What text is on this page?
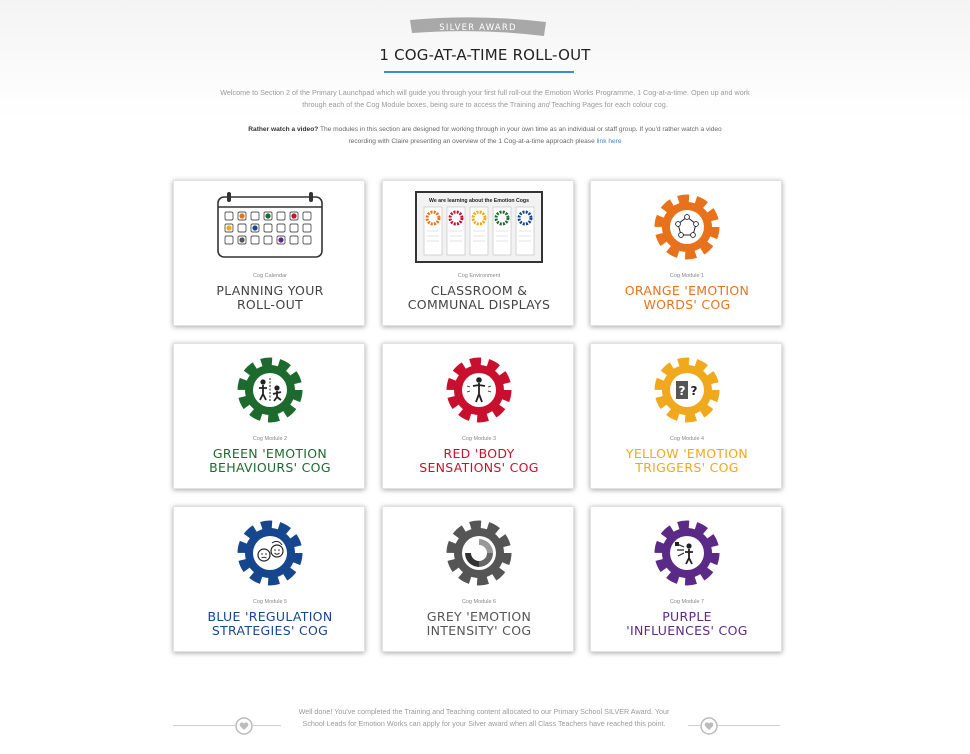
SILVER AWARD
1 COG-AT-A-TIME ROLL-OUT
Welcome to Section 2 of the Primary Launchpad which will guide you through your first full roll-out the Emotion Works Programme, 1 Cog-at-a-time. Open up and work through each of the Cog Module boxes, being sure to access the Training and Teaching Pages for each colour cog.
Rather watch a video? The modules in this section are designed for working through in your own time as an individual or staff group. If you'd rather watch a video recording with Claire presenting an overview of the 1 Cog-at-a-time approach please link here
Cog Calendar
PLANNING YOUR
ROLL-OUT
We are learning about the Emotion Cogs
Cog Environment
CLASSROOM &
COMMUNAL DISPLAYS
Cog Module 1
ORANGE 'EMOTION
WORDS' COG
Cog Module 2
GREEN 'EMOTION
BEHAVIOURS' COG
Cog Module 3
RED 'BODY
SENSATIONS' COG
? ?
Cog Module 4
YELLOW 'EMOTION
TRIGGERS' COG
Cog Module 5
BLUE 'REGULATION
STRATEGIES' COG
Cog Module 6
GREY 'EMOTION
INTENSITY' COG
Cog Module 7
PURPLE
'INFLUENCES' COG
Well done! You've completed the Training and Teaching content allocated to our Primary School SILVER Award. Your School Leads for Emotion Works can apply for your Silver award when all Class Teachers have reached this point.
